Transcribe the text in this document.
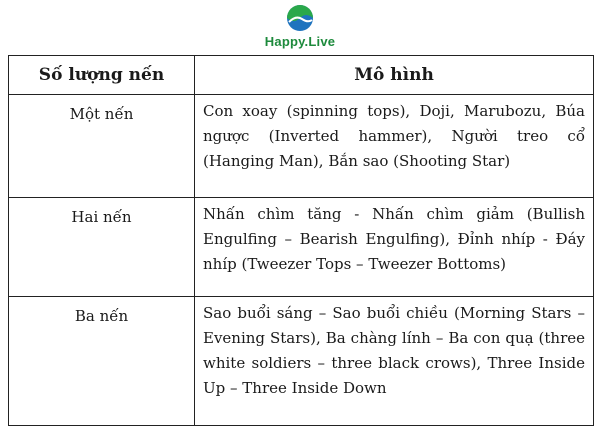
Happy.Live
Số lượng nến	Mô hình
Một nến	Con xoay (spinning tops), Doji, Marubozu, Búa ngược (Inverted hammer), Người treo cổ (Hanging Man), Bắn sao (Shooting Star)
Hai nến	Nhấn chìm tăng - Nhấn chìm giảm (Bullish Engulfing – Bearish Engulfing), Đỉnh nhíp - Đáy nhíp (Tweezer Tops – Tweezer Bottoms)
Ba nến	Sao buổi sáng – Sao buổi chiều (Morning Stars – Evening Stars), Ba chàng lính – Ba con quạ (three white soldiers – three black crows), Three Inside Up – Three Inside Down
